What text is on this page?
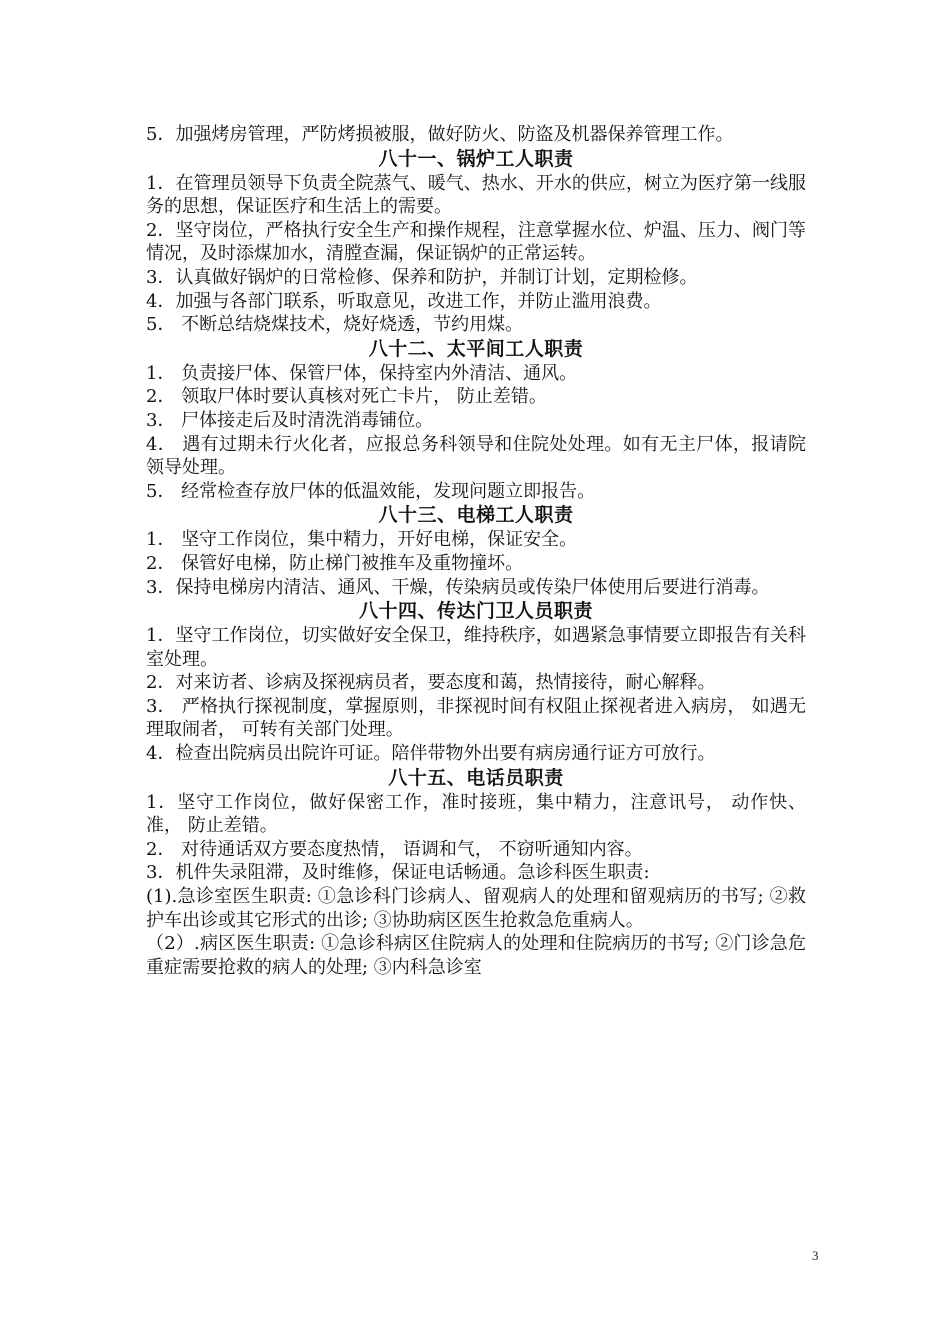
5．加强烤房管理，严防烤损被服，做好防火、防盗及机器保养管理工作。

八十一、锅炉工人职责

1．在管理员领导下负责全院蒸气、暖气、热水、开水的供应，树立为医疗第一线服务的思想，保证医疗和生活上的需要。

2．坚守岗位，严格执行安全生产和操作规程，注意掌握水位、炉温、压力、阀门等情况，及时添煤加水，清膛查漏，保证锅炉的正常运转。

3．认真做好锅炉的日常检修、保养和防护，并制订计划，定期检修。

4．加强与各部门联系，听取意见，改进工作，并防止滥用浪费。

5． 不断总结烧煤技术，烧好烧透，节约用煤。

八十二、太平间工人职责

1． 负责接尸体、保管尸体，保持室内外清洁、通风。

2． 领取尸体时要认真核对死亡卡片， 防止差错。

3． 尸体接走后及时清洗消毒铺位。

4． 遇有过期未行火化者，应报总务科领导和住院处处理。如有无主尸体，报请院领导处理。

5． 经常检查存放尸体的低温效能，发现问题立即报告。

八十三、电梯工人职责

1． 坚守工作岗位，集中精力，开好电梯，保证安全。

2． 保管好电梯，防止梯门被推车及重物撞坏。

3．保持电梯房内清洁、通风、干燥，传染病员或传染尸体使用后要进行消毒。

八十四、传达门卫人员职责

1．坚守工作岗位，切实做好安全保卫，维持秩序，如遇紧急事情要立即报告有关科室处理。

2．对来访者、诊病及探视病员者，要态度和蔼，热情接待，耐心解释。

3． 严格执行探视制度，掌握原则，非探视时间有权阻止探视者进入病房， 如遇无理取闹者， 可转有关部门处理。

4．检查出院病员出院许可证。陪伴带物外出要有病房通行证方可放行。

八十五、电话员职责

1．坚守工作岗位，做好保密工作，准时接班，集中精力，注意讯号， 动作快、准， 防止差错。

2． 对待通话双方要态度热情， 语调和气， 不窃听通知内容。

3．机件失录阻滞，及时维修，保证电话畅通。急诊科医生职责:

(1).急诊室医生职责: ①急诊科门诊病人、留观病人的处理和留观病历的书写; ②救护车出诊或其它形式的出诊; ③协助病区医生抢救急危重病人。

（2）.病区医生职责: ①急诊科病区住院病人的处理和住院病历的书写; ②门诊急危重症需要抢救的病人的处理; ③内科急诊室

3
